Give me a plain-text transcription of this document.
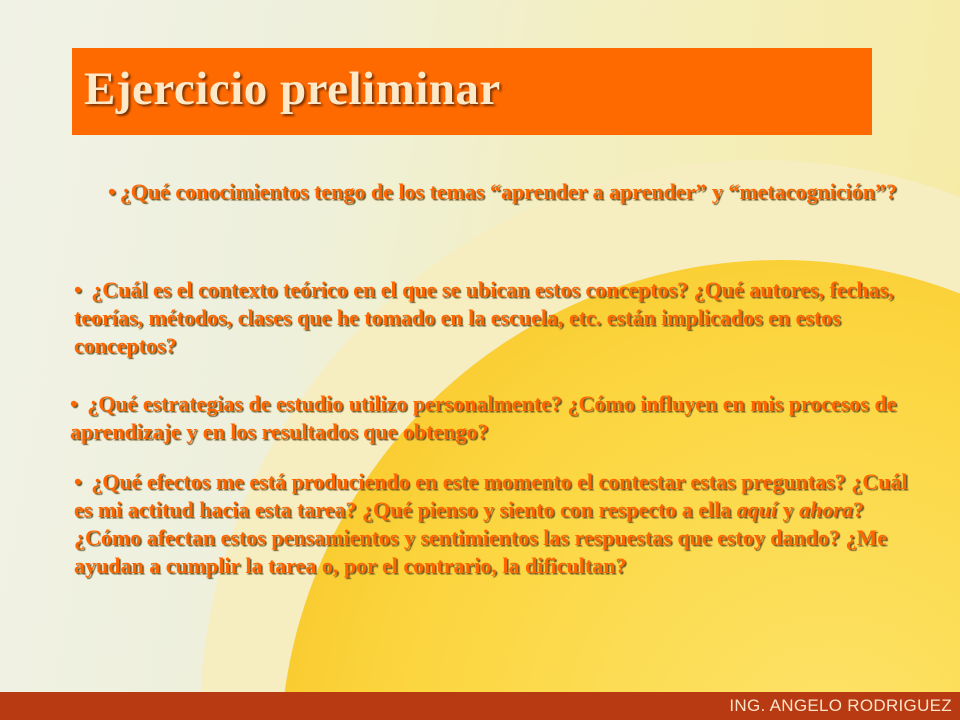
Ejercicio preliminar

• ¿Qué conocimientos tengo de los temas “aprender a aprender” y “metacognición”?

• ¿Cuál es el contexto teórico en el que se ubican estos conceptos? ¿Qué autores, fechas, teorías, métodos, clases que he tomado en la escuela, etc. están implicados en estos conceptos?

• ¿Qué estrategias de estudio utilizo personalmente? ¿Cómo influyen en mis procesos de aprendizaje y en los resultados que obtengo?

• ¿Qué efectos me está produciendo en este momento el contestar estas preguntas? ¿Cuál es mi actitud hacia esta tarea? ¿Qué pienso y siento con respecto a ella aquí y ahora? ¿Cómo afectan estos pensamientos y sentimientos las respuestas que estoy dando? ¿Me ayudan a cumplir la tarea o, por el contrario, la dificultan?

ING. ANGELO RODRIGUEZ
